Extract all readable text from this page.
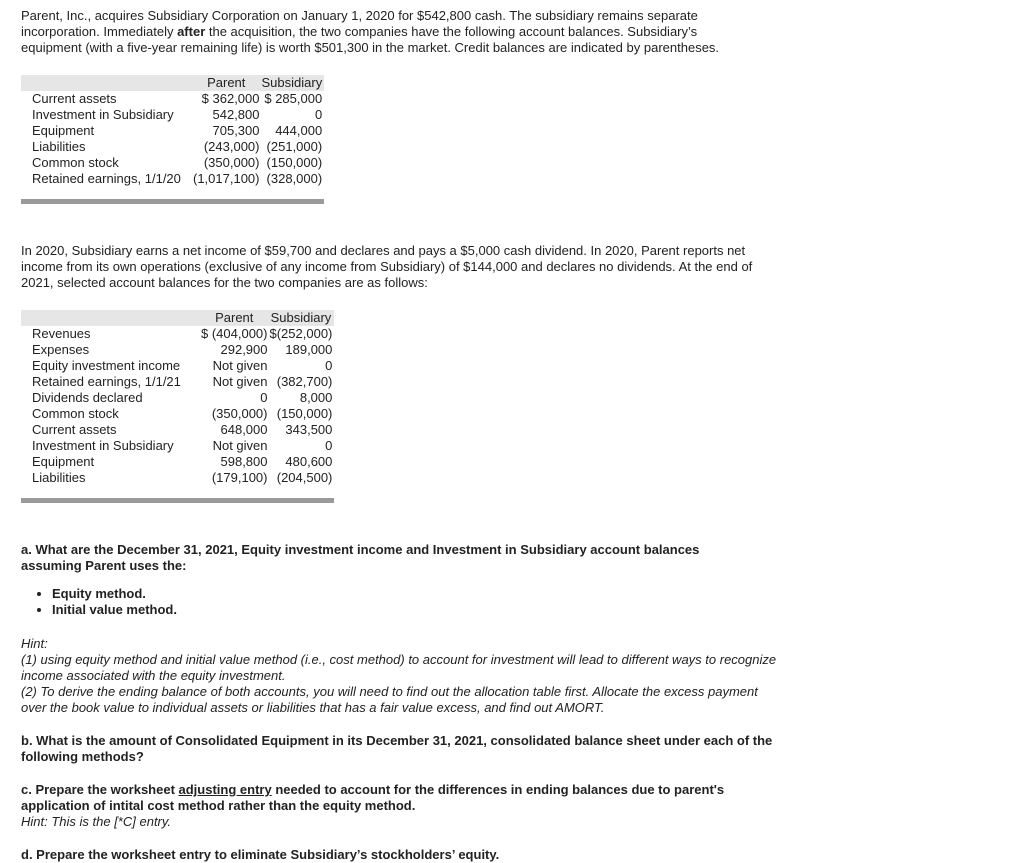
Parent, Inc., acquires Subsidiary Corporation on January 1, 2020 for $542,800 cash. The subsidiary remains separate incorporation. Immediately after the acquisition, the two companies have the following account balances. Subsidiary’s equipment (with a five-year remaining life) is worth $501,300 in the market. Credit balances are indicated by parentheses.

	Parent	Subsidiary
Current assets	$ 362,000	$ 285,000
Investment in Subsidiary	542,800	0
Equipment	705,300	444,000
Liabilities	(243,000)	(251,000)
Common stock	(350,000)	(150,000)
Retained earnings, 1/1/20	(1,017,100)	(328,000)

In 2020, Subsidiary earns a net income of $59,700 and declares and pays a $5,000 cash dividend. In 2020, Parent reports net income from its own operations (exclusive of any income from Subsidiary) of $144,000 and declares no dividends. At the end of 2021, selected account balances for the two companies are as follows:

	Parent	Subsidiary
Revenues	$ (404,000)	$(252,000)
Expenses	292,900	189,000
Equity investment income	Not given	0
Retained earnings, 1/1/21	Not given	(382,700)
Dividends declared	0	8,000
Common stock	(350,000)	(150,000)
Current assets	648,000	343,500
Investment in Subsidiary	Not given	0
Equipment	598,800	480,600
Liabilities	(179,100)	(204,500)

a. What are the December 31, 2021, Equity investment income and Investment in Subsidiary account balances assuming Parent uses the:

• Equity method.
• Initial value method.

Hint:

(1) using equity method and initial value method (i.e., cost method) to account for investment will lead to different ways to recognize income associated with the equity investment.

(2) To derive the ending balance of both accounts, you will need to find out the allocation table first. Allocate the excess payment over the book value to individual assets or liabilities that has a fair value excess, and find out AMORT.

b. What is the amount of Consolidated Equipment in its December 31, 2021, consolidated balance sheet under each of the following methods?

c. Prepare the worksheet adjusting entry needed to account for the differences in ending balances due to parent's application of intital cost method rather than the equity method.

Hint: This is the [*C] entry.

d. Prepare the worksheet entry to eliminate Subsidiary’s stockholders’ equity.
